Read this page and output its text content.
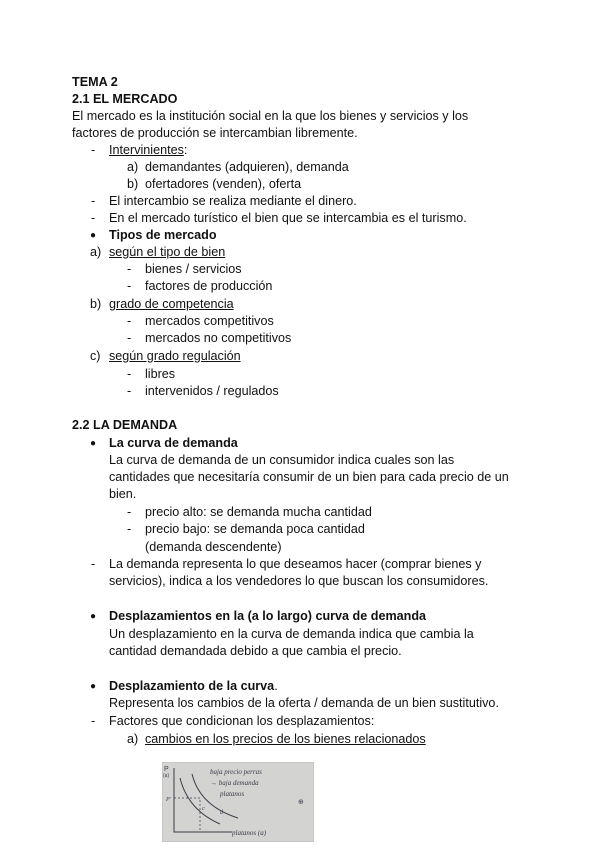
TEMA 2
2.1 EL MERCADO
El mercado es la institución social en la que los bienes y servicios y los
factores de producción se intercambian libremente.
- Intervinientes:
a) demandantes (adquieren), demanda
b) ofertadores (venden), oferta
- El intercambio se realiza mediante el dinero.
- En el mercado turístico el bien que se intercambia es el turismo.
● Tipos de mercado
a) según el tipo de bien
- bienes / servicios
- factores de producción
b) grado de competencia
- mercados competitivos
- mercados no competitivos
c) según grado regulación
- libres
- intervenidos / regulados
2.2 LA DEMANDA
● La curva de demanda
La curva de demanda de un consumidor indica cuales son las
cantidades que necesitaría consumir de un bien para cada precio de un
bien.
- precio alto: se demanda mucha cantidad
- precio bajo: se demanda poca cantidad
(demanda descendente)
- La demanda representa lo que deseamos hacer (comprar bienes y
servicios), indica a los vendedores lo que buscan los consumidores.
● Desplazamientos en la (a lo largo) curva de demanda
Un desplazamiento en la curva de demanda indica que cambia la
cantidad demandada debido a que cambia el precio.
● Desplazamiento de la curva.
Representa los cambios de la oferta / demanda de un bien sustitutivo.
- Factores que condicionan los desplazamientos:
a) cambios en los precios de los bienes relacionados
P
(a)	baja precio perras
→ baja demanda
platanos
⊕
P'
c
d
platanos (a)
